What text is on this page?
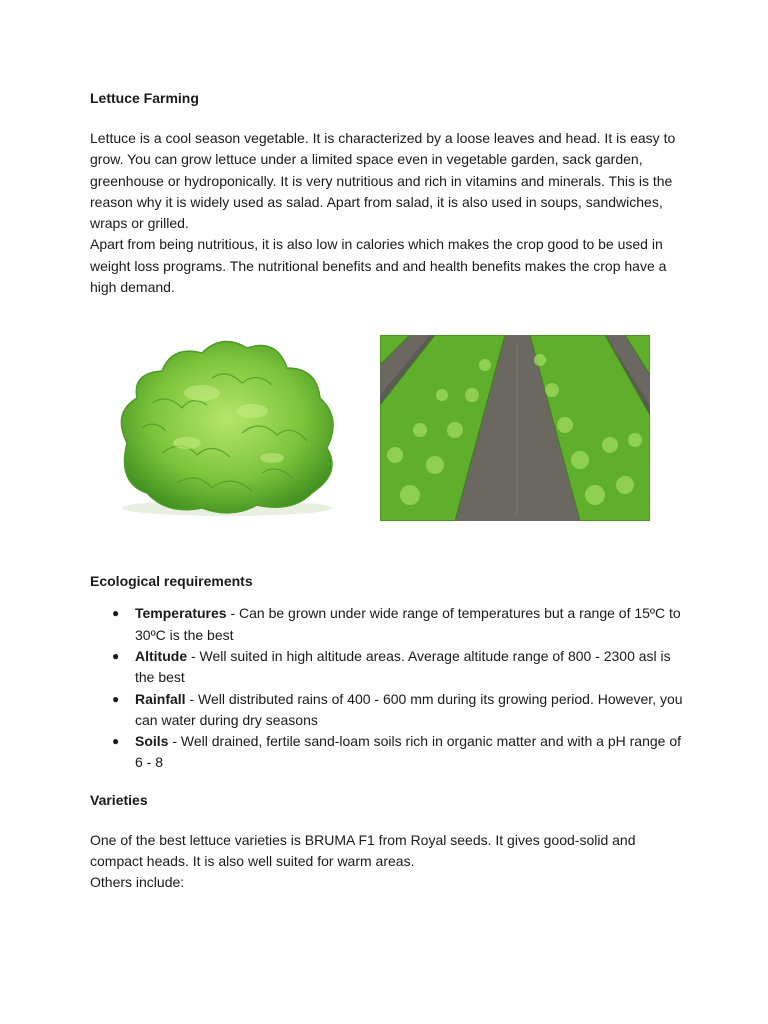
Lettuce Farming

Lettuce is a cool season vegetable. It is characterized by a loose leaves and head. It is easy to grow. You can grow lettuce under a limited space even in vegetable garden, sack garden, greenhouse or hydroponically. It is very nutritious and rich in vitamins and minerals. This is the reason why it is widely used as salad. Apart from salad, it is also used in soups, sandwiches, wraps or grilled.

Apart from being nutritious, it is also low in calories which makes the crop good to be used in weight loss programs. The nutritional benefits and and health benefits makes the crop have a high demand.

Ecological requirements
● Temperatures - Can be grown under wide range of temperatures but a range of 15ºC to 30ºC is the best
● Altitude - Well suited in high altitude areas. Average altitude range of 800 - 2300 asl is the best
● Rainfall - Well distributed rains of 400 - 600 mm during its growing period. However, you can water during dry seasons
● Soils - Well drained, fertile sand-loam soils rich in organic matter and with a pH range of 6 - 8
Varieties

One of the best lettuce varieties is BRUMA F1 from Royal seeds. It gives good-solid and compact heads. It is also well suited for warm areas.

Others include:
